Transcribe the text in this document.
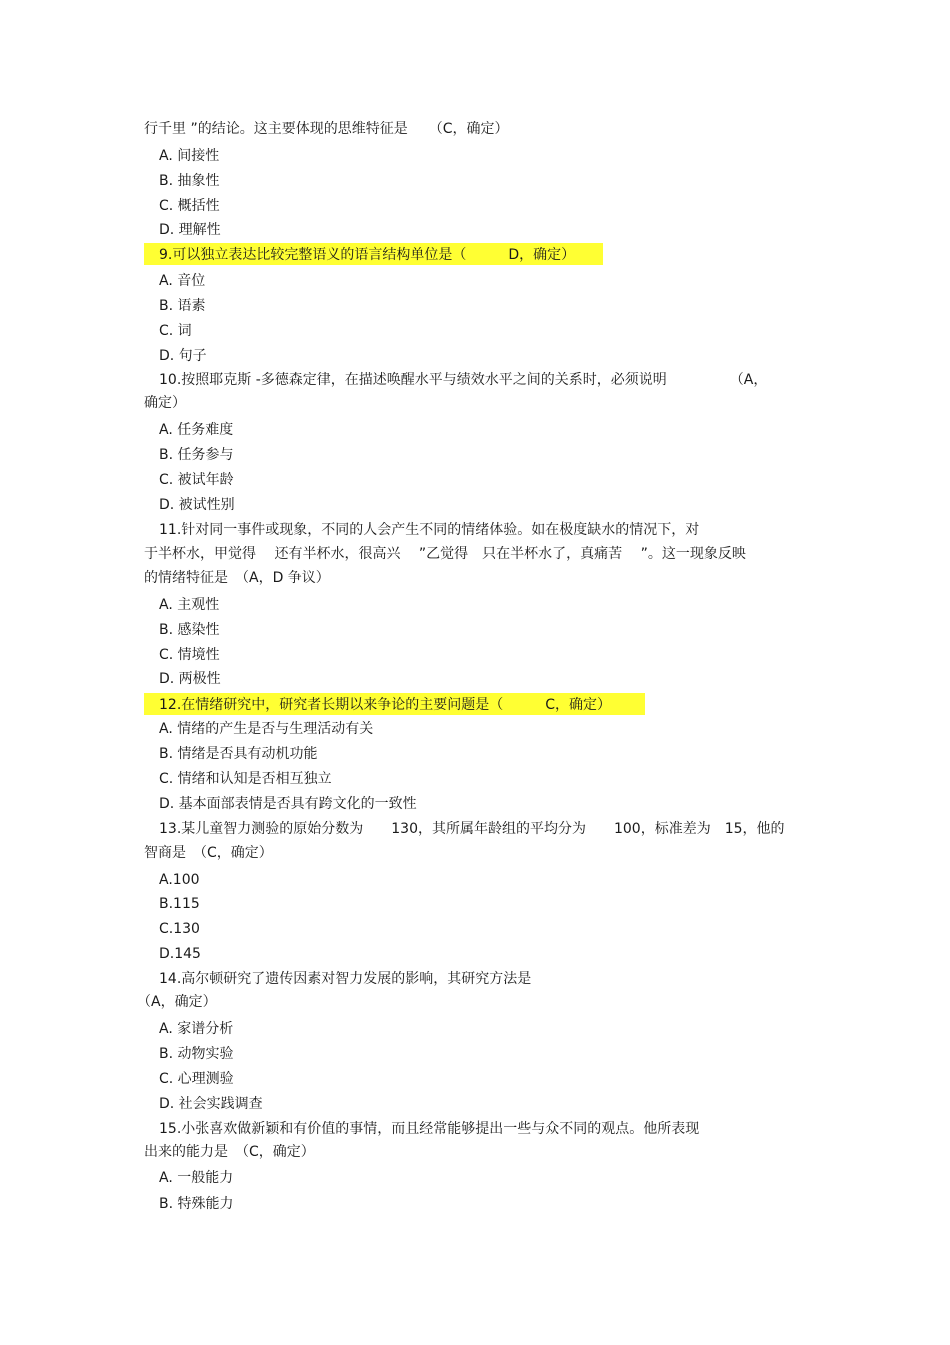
行千里 ”的结论。这主要体现的思维特征是　　（C，确定）
A. 间接性
B. 抽象性
C. 概括性
D. 理解性
9.可以独立表达比较完整语义的语言结构单位是（　　　D，确定）
A. 音位
B. 语素
C. 词
D. 句子
10.按照耶克斯 -多德森定律，在描述唤醒水平与绩效水平之间的关系时，必须说明　　　　　（A，
确定）
A. 任务难度
B. 任务参与
C. 被试年龄
D. 被试性别
11.针对同一事件或现象，不同的人会产生不同的情绪体验。如在极度缺水的情况下，对
于半杯水，甲觉得　 还有半杯水，很高兴　 ”乙觉得　只在半杯水了，真痛苦　 ”。这一现象反映
的情绪特征是　（A，D 争议）
A. 主观性
B. 感染性
C. 情境性
D. 两极性
12.在情绪研究中，研究者长期以来争论的主要问题是（　　　C，确定）
A. 情绪的产生是否与生理活动有关
B. 情绪是否具有动机功能
C. 情绪和认知是否相互独立
D. 基本面部表情是否具有跨文化的一致性
13.某儿童智力测验的原始分数为　　130，其所属年龄组的平均分为　　100，标准差为　15，他的
智商是　（C，确定）
A.100
B.115
C.130
D.145
14.高尔顿研究了遗传因素对智力发展的影响，其研究方法是
（A，确定）
A. 家谱分析
B. 动物实验
C. 心理测验
D. 社会实践调查
15.小张喜欢做新颖和有价值的事情，而且经常能够提出一些与众不同的观点。他所表现
出来的能力是　（C，确定）
A. 一般能力
B. 特殊能力
